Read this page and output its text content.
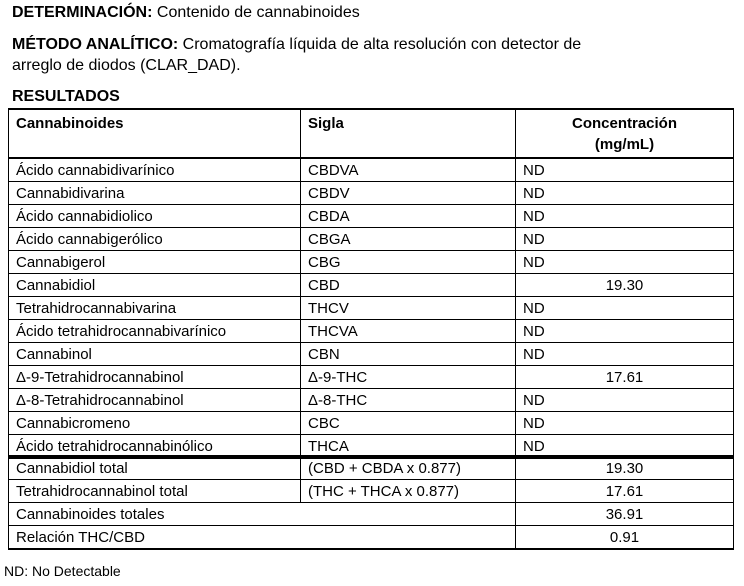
DETERMINACIÓN: Contenido de cannabinoides
MÉTODO ANALÍTICO: Cromatografía líquida de alta resolución con detector de
arreglo de diodos (CLAR_DAD).
RESULTADOS
Cannabinoides	Sigla	Concentración
(mg/mL)

Ácido cannabidivarínico	CBDVA	ND
Cannabidivarina	CBDV	ND
Ácido cannabidiolico	CBDA	ND
Ácido cannabigerólico	CBGA	ND
Cannabigerol	CBG	ND
Cannabidiol	CBD	19.30
Tetrahidrocannabivarina	THCV	ND
Ácido tetrahidrocannabivarínico	THCVA	ND
Cannabinol	CBN	ND
Δ-9-Tetrahidrocannabinol	Δ-9-THC	17.61
Δ-8-Tetrahidrocannabinol	Δ-8-THC	ND
Cannabicromeno	CBC	ND
Ácido tetrahidrocannabinólico	THCA	ND
Cannabidiol total	(CBD + CBDA x 0.877)	19.30
Tetrahidrocannabinol total	(THC + THCA x 0.877)	17.61
Cannabinoides totales		36.91
Relación THC/CBD		0.91
ND: No Detectable
